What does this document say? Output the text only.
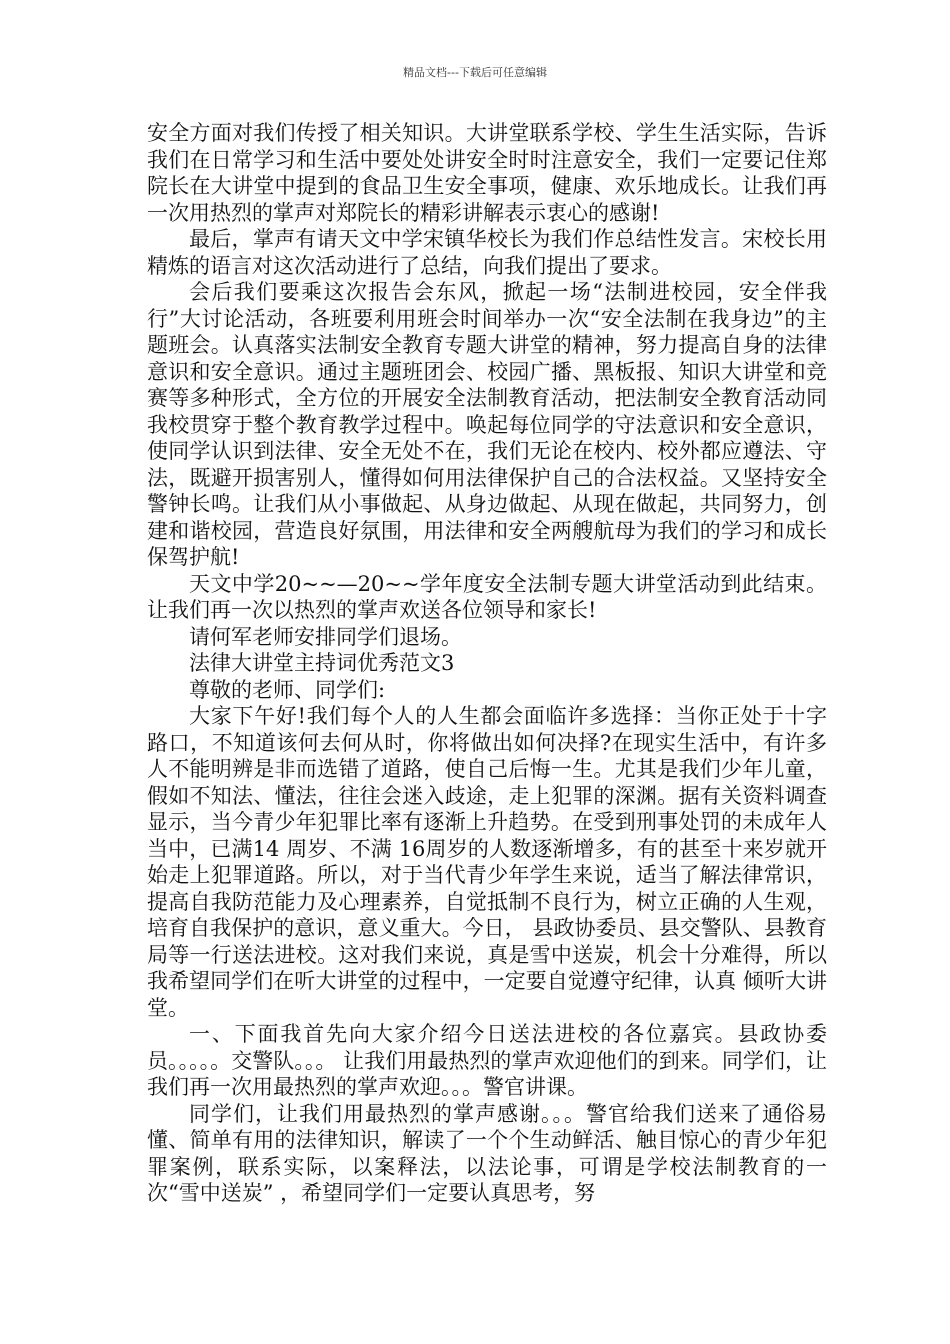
精品文档---下载后可任意编辑

安全方面对我们传授了相关知识。大讲堂联系学校、学生生活实际，告诉我们在日常学习和生活中要处处讲安全时时注意安全，我们一定要记住郑院长在大讲堂中提到的食品卫生安全事项，健康、欢乐地成长。让我们再一次用热烈的掌声对郑院长的精彩讲解表示衷心的感谢!

最后，掌声有请天文中学宋镇华校长为我们作总结性发言。宋校长用精炼的语言对这次活动进行了总结，向我们提出了要求。

会后我们要乘这次报告会东风，掀起一场“法制进校园，安全伴我行”大讨论活动，各班要利用班会时间举办一次“安全法制在我身边”的主题班会。认真落实法制安全教育专题大讲堂的精神，努力提高自身的法律意识和安全意识。通过主题班团会、校园广播、黑板报、知识大讲堂和竞赛等多种形式，全方位的开展安全法制教育活动，把法制安全教育活动同我校贯穿于整个教育教学过程中。唤起每位同学的守法意识和安全意识，使同学认识到法律、安全无处不在，我们无论在校内、校外都应遵法、守法，既避开损害别人，懂得如何用法律保护自己的合法权益。又坚持安全警钟长鸣。让我们从小事做起、从身边做起、从现在做起，共同努力，创建和谐校园，营造良好氛围，用法律和安全两艘航母为我们的学习和成长保驾护航!

天文中学20~~—20~~学年度安全法制专题大讲堂活动到此结束。 让我们再一次以热烈的掌声欢送各位领导和家长!

请何军老师安排同学们退场。

法律大讲堂主持词优秀范文3

尊敬的老师、同学们:

大家下午好!我们每个人的人生都会面临许多选择：当你正处于十字路口，不知道该何去何从时，你将做出如何决择?在现实生活中，有许多人不能明辨是非而选错了道路，使自己后悔一生。尤其是我们少年儿童，假如不知法、懂法，往往会迷入歧途，走上犯罪的深渊。据有关资料调查显示，当今青少年犯罪比率有逐渐上升趋势。在受到刑事处罚的未成年人当中，已满14 周岁、不满 16周岁的人数逐渐增多，有的甚至十来岁就开始走上犯罪道路。所以，对于当代青少年学生来说，适当了解法律常识，提高自我防范能力及心理素养，自觉抵制不良行为，树立正确的人生观，培育自我保护的意识，意义重大。今日， 县政协委员、县交警队、县教育局等一行送法进校。这对我们来说，真是雪中送炭，机会十分难得，所以我希望同学们在听大讲堂的过程中，一定要自觉遵守纪律，认真 倾听大讲堂。

一、下面我首先向大家介绍今日送法进校的各位嘉宾。县政协委员。。。。。交警队。。。 让我们用最热烈的掌声欢迎他们的到来。同学们，让我们再一次用最热烈的掌声欢迎。。。警官讲课。

同学们，让我们用最热烈的掌声感谢。。。警官给我们送来了通俗易懂、简单有用的法律知识，解读了一个个生动鲜活、触目惊心的青少年犯罪案例，联系实际，以案释法，以法论事，可谓是学校法制教育的一次“雪中送炭” ，希望同学们一定要认真思考，努
